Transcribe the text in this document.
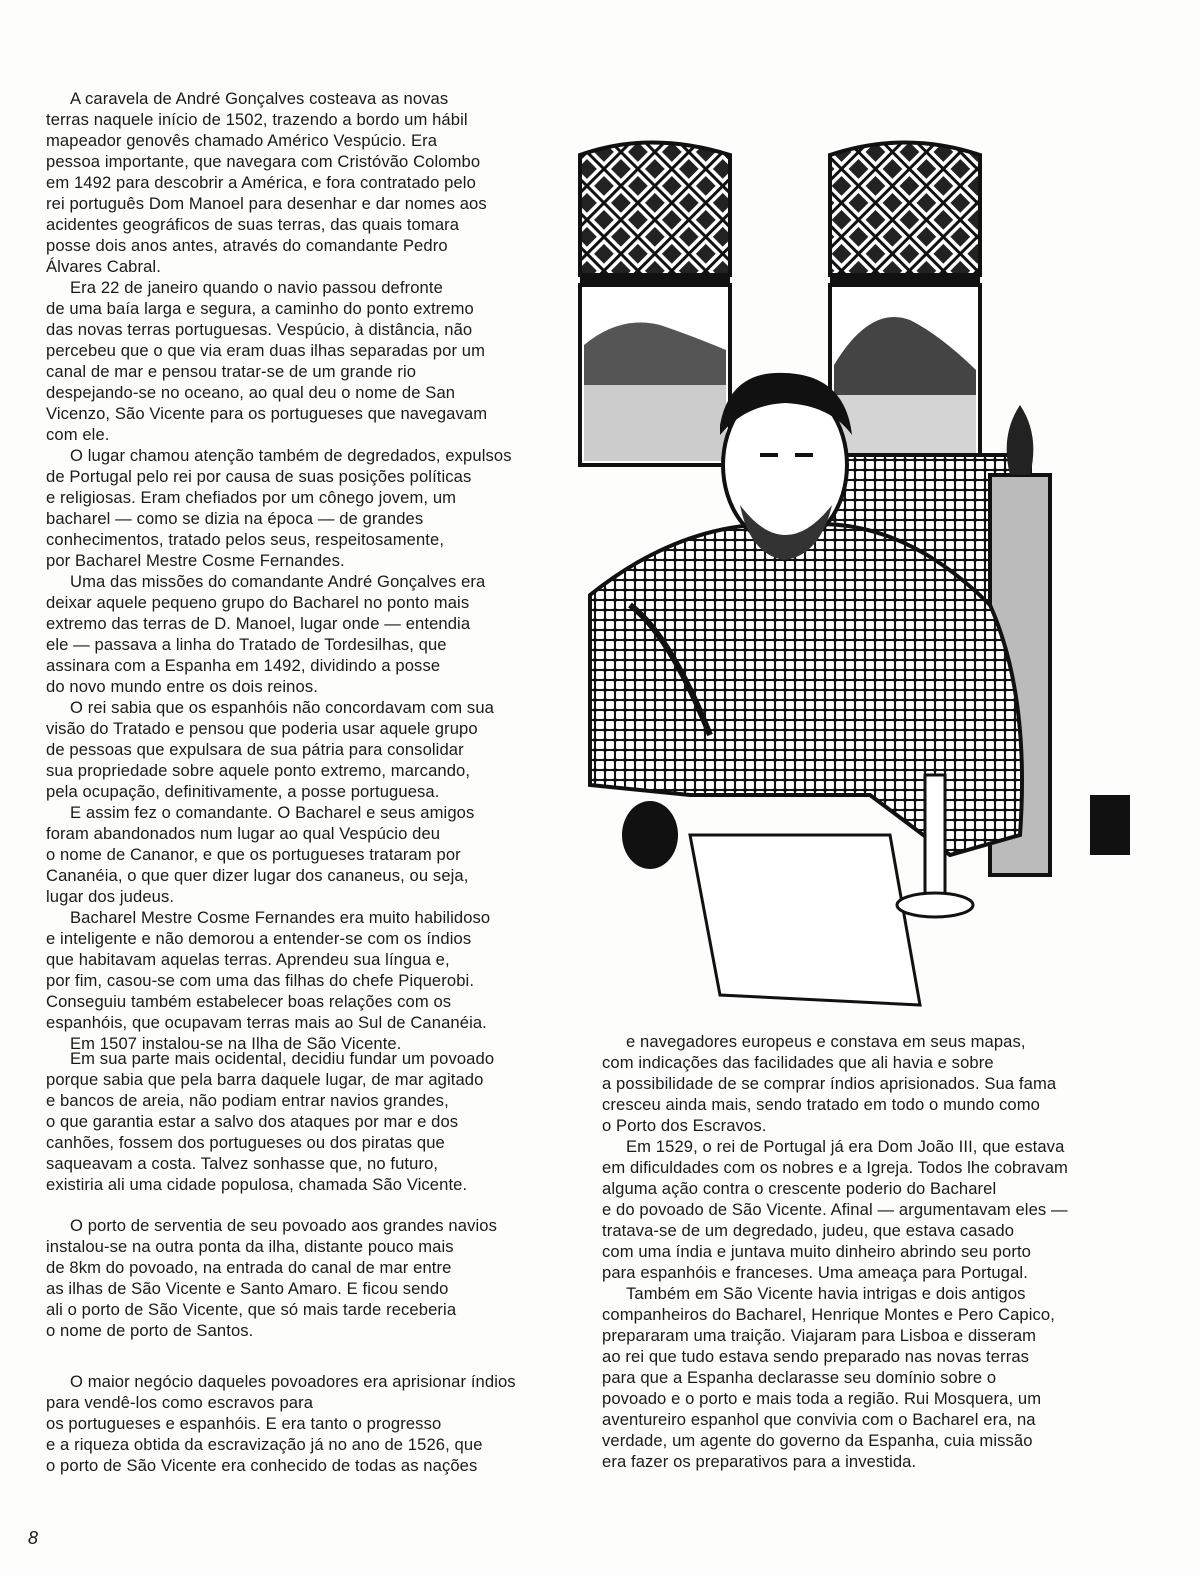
A caravela de André Gonçalves costeava as novas
terras naquele início de 1502, trazendo a bordo um hábil
mapeador genovês chamado Américo Vespúcio. Era
pessoa importante, que navegara com Cristóvão Colombo
em 1492 para descobrir a América, e fora contratado pelo
rei português Dom Manoel para desenhar e dar nomes aos
acidentes geográficos de suas terras, das quais tomara
posse dois anos antes, através do comandante Pedro
Álvares Cabral.
Era 22 de janeiro quando o navio passou defronte
de uma baía larga e segura, a caminho do ponto extremo
das novas terras portuguesas. Vespúcio, à distância, não
percebeu que o que via eram duas ilhas separadas por um
canal de mar e pensou tratar-se de um grande rio
despejando-se no oceano, ao qual deu o nome de San
Vicenzo, São Vicente para os portugueses que navegavam
com ele.
O lugar chamou atenção também de degredados, expulsos
de Portugal pelo rei por causa de suas posições políticas
e religiosas. Eram chefiados por um cônego jovem, um
bacharel — como se dizia na época — de grandes
conhecimentos, tratado pelos seus, respeitosamente,
por Bacharel Mestre Cosme Fernandes.
Uma das missões do comandante André Gonçalves era
deixar aquele pequeno grupo do Bacharel no ponto mais
extremo das terras de D. Manoel, lugar onde — entendia
ele — passava a linha do Tratado de Tordesilhas, que
assinara com a Espanha em 1492, dividindo a posse
do novo mundo entre os dois reinos.
O rei sabia que os espanhóis não concordavam com sua
visão do Tratado e pensou que poderia usar aquele grupo
de pessoas que expulsara de sua pátria para consolidar
sua propriedade sobre aquele ponto extremo, marcando,
pela ocupação, definitivamente, a posse portuguesa.
E assim fez o comandante. O Bacharel e seus amigos
foram abandonados num lugar ao qual Vespúcio deu
o nome de Cananor, e que os portugueses trataram por
Cananéia, o que quer dizer lugar dos cananeus, ou seja,
lugar dos judeus.
Bacharel Mestre Cosme Fernandes era muito habilidoso
e inteligente e não demorou a entender-se com os índios
que habitavam aquelas terras. Aprendeu sua língua e,
por fim, casou-se com uma das filhas do chefe Piquerobi.
Conseguiu também estabelecer boas relações com os
espanhóis, que ocupavam terras mais ao Sul de Cananéia.
Em 1507 instalou-se na Ilha de São Vicente.
Em sua parte mais ocidental, decidiu fundar um povoado
porque sabia que pela barra daquele lugar, de mar agitado
e bancos de areia, não podiam entrar navios grandes,
o que garantia estar a salvo dos ataques por mar e dos
canhões, fossem dos portugueses ou dos piratas que
saqueavam a costa. Talvez sonhasse que, no futuro,
existiria ali uma cidade populosa, chamada São Vicente.
O porto de serventia de seu povoado aos grandes navios
instalou-se na outra ponta da ilha, distante pouco mais
de 8km do povoado, na entrada do canal de mar entre
as ilhas de São Vicente e Santo Amaro. E ficou sendo
ali o porto de São Vicente, que só mais tarde receberia
o nome de porto de Santos.
O maior negócio daqueles povoadores era aprisionar índios
para vendê-los como escravos para
os portugueses e espanhóis. E era tanto o progresso
e a riqueza obtida da escravização já no ano de 1526, que
o porto de São Vicente era conhecido de todas as nações
e navegadores europeus e constava em seus mapas,
com indicações das facilidades que ali havia e sobre
a possibilidade de se comprar índios aprisionados. Sua fama
cresceu ainda mais, sendo tratado em todo o mundo como
o Porto dos Escravos.
Em 1529, o rei de Portugal já era Dom João III, que estava
em dificuldades com os nobres e a Igreja. Todos lhe cobravam
alguma ação contra o crescente poderio do Bacharel
e do povoado de São Vicente. Afinal — argumentavam eles —
tratava-se de um degredado, judeu, que estava casado
com uma índia e juntava muito dinheiro abrindo seu porto
para espanhóis e franceses. Uma ameaça para Portugal.
Também em São Vicente havia intrigas e dois antigos
companheiros do Bacharel, Henrique Montes e Pero Capico,
prepararam uma traição. Viajaram para Lisboa e disseram
ao rei que tudo estava sendo preparado nas novas terras
para que a Espanha declarasse seu domínio sobre o
povoado e o porto e mais toda a região. Rui Mosquera, um
aventureiro espanhol que convivia com o Bacharel era, na
verdade, um agente do governo da Espanha, cuia missão
era fazer os preparativos para a investida.
8
